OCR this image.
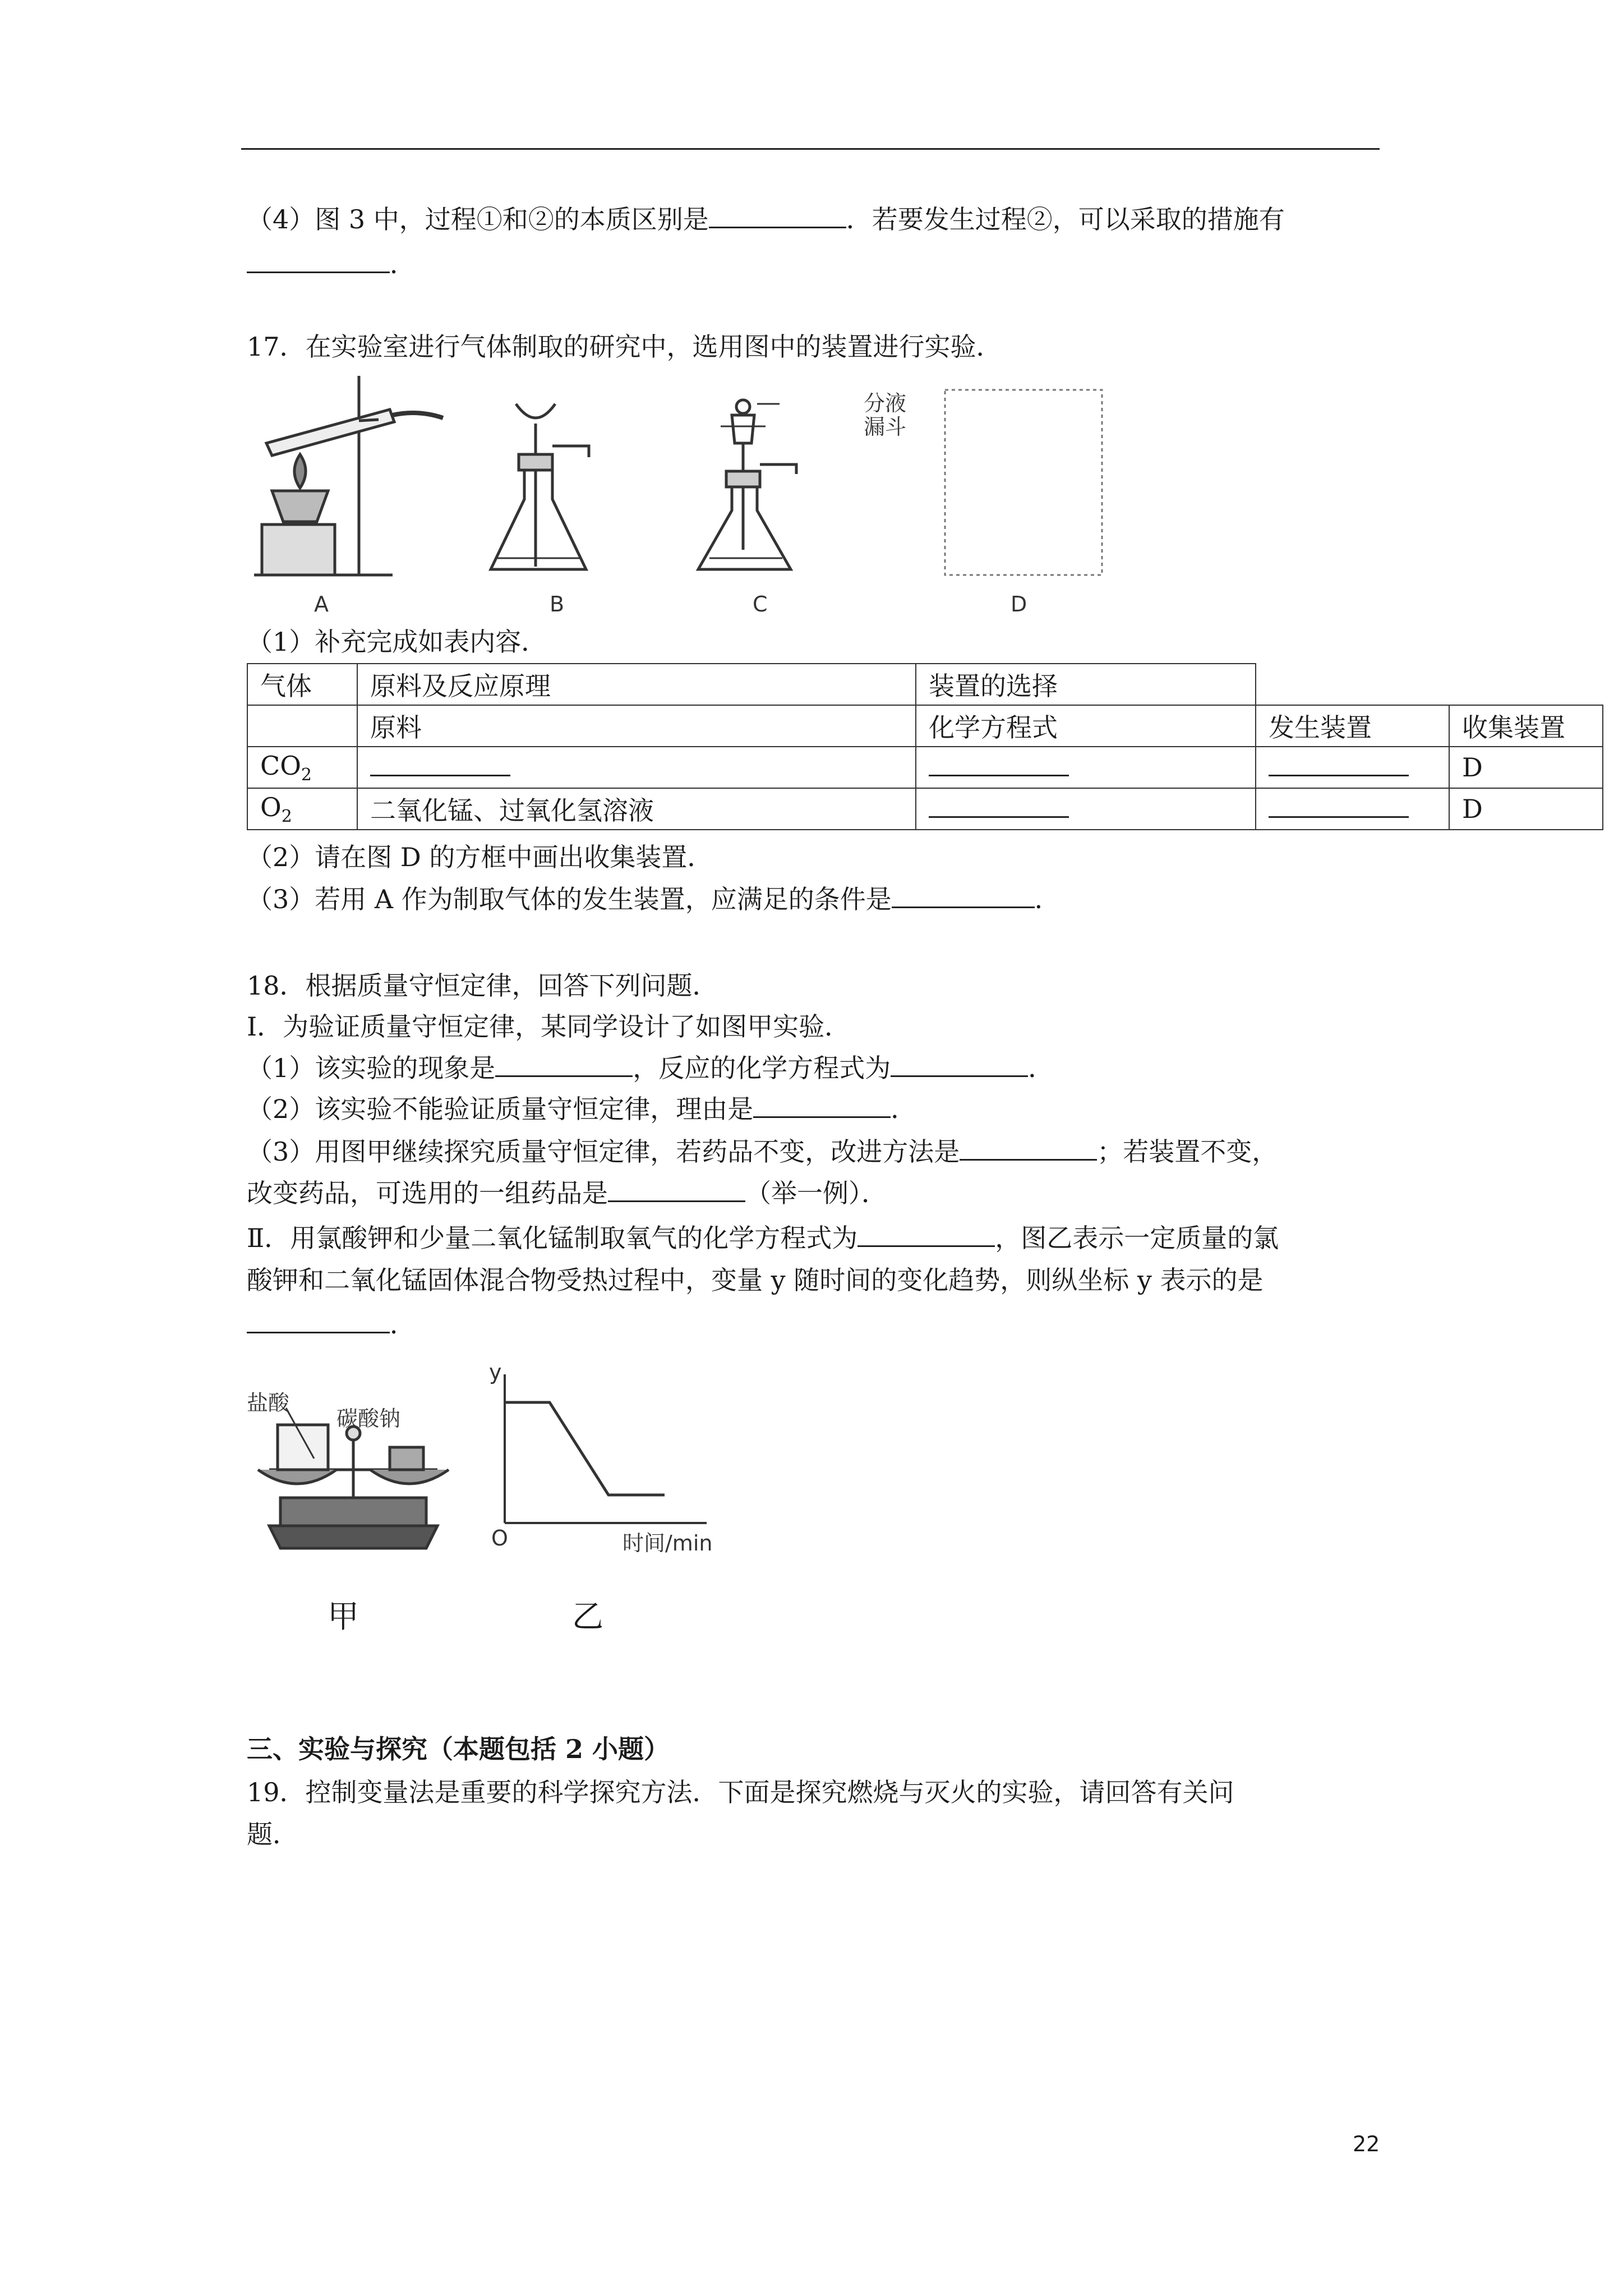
（4）图 3 中，过程①和②的本质区别是	．若要发生过程②，可以采取的措施有
．
17．在实验室进行气体制取的研究中，选用图中的装置进行实验．
分液
漏斗
A	B	C	D
（1）补充完成如表内容．
气体	原料及反应原理	装置的选择		
	原料	化学方程式	发生装置	收集装置
$CO_2$				D
$O_2$	二氧化锰、过氧化氢溶液			D
（2）请在图 D 的方框中画出收集装置．
（3）若用 A 作为制取气体的发生装置，应满足的条件是	．
18．根据质量守恒定律，回答下列问题．
Ⅰ．为验证质量守恒定律，某同学设计了如图甲实验．
（1）该实验的现象是	，反应的化学方程式为	．
（2）该实验不能验证质量守恒定律，理由是	．
（3）用图甲继续探究质量守恒定律，若药品不变，改进方法是	；若装置不变，
改变药品，可选用的一组药品是	（举一例）．
Ⅱ．用氯酸钾和少量二氧化锰制取氧气的化学方程式为	，图乙表示一定质量的氯
酸钾和二氧化锰固体混合物受热过程中，变量 y 随时间的变化趋势，则纵坐标 y 表示的是
．
盐酸
碳酸钠
y
O	时间/min
甲	乙
三、实验与探究（本题包括 2 小题）
19．控制变量法是重要的科学探究方法．下面是探究燃烧与灭火的实验，请回答有关问
题．
22
